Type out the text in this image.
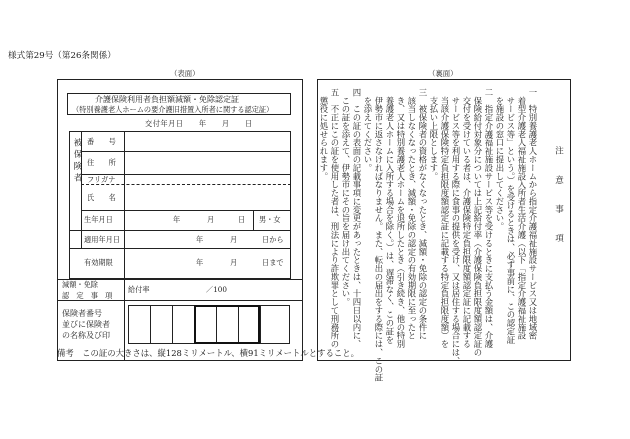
様式第29号（第26条関係）
（表面）	（裏面）
介護保険利用者負担額減額・免除認定証
（特別養護老人ホームの要介護旧措置入所者に関する認定証）
交付年月日　　年　　月　　日
被保険者 番　　号
住　　所
フリガナ
氏　　名
生年月日	年	月	日 男・女
適用年月日	年	月	日から
有効期限	年	月	日まで
減額・免除
認　定　事　項
給付率	／100
保険者番号
並びに保険者
の名称及び印
注　意　事　項
一　特別養護老人ホームから指定介護福祉施設サービス又は地域密
　着型介護老人福祉施設入所者生活介護（以下「指定介護福祉施設
　サービス等」という。）を受けるときは、必ず事前に、この認定証
　を施設の窓口に提出してください。
二　指定介護福祉施設サービス等を受けるときに支払う金額は、介護
　保険給付対象分については上記給付率（介護保険負担限度額認定証の
　交付を受けている者は、介護保険特定負担限度額認定証に記載する
　サービス等を利用する際に食事の提供を受け、又は居住する場合には、
　当該介護保険特定負担限度額認定証に記載する特定負担限度額）を
　支払い上限とします。
三　被保険者の資格がなくなったとき、減額・免除の認定の条件に
　該当しなくなったとき、減額・免除の認定の有効期限に至ったと
　き、又は特別養護老人ホームを退所したとき（引き続き、他の特別
　養護老人ホームに入所する場合を除く。）は、遅滞なく、この証を
　伊勢市に返さなければなりません。また、転出の届出をする際には、この証
　を添えてください。
四　この証の表面の記載事項に変更があったときは、十四日以内に、
　この証を添えて、伊勢市にその旨を届け出てください。
五　不正にこの証を使用した者は、刑法により詐欺罪として刑務所の
　懲役に処せられます。
備考　この証の大きさは、縦128ミリメートル、横91ミリメートルとすること。
